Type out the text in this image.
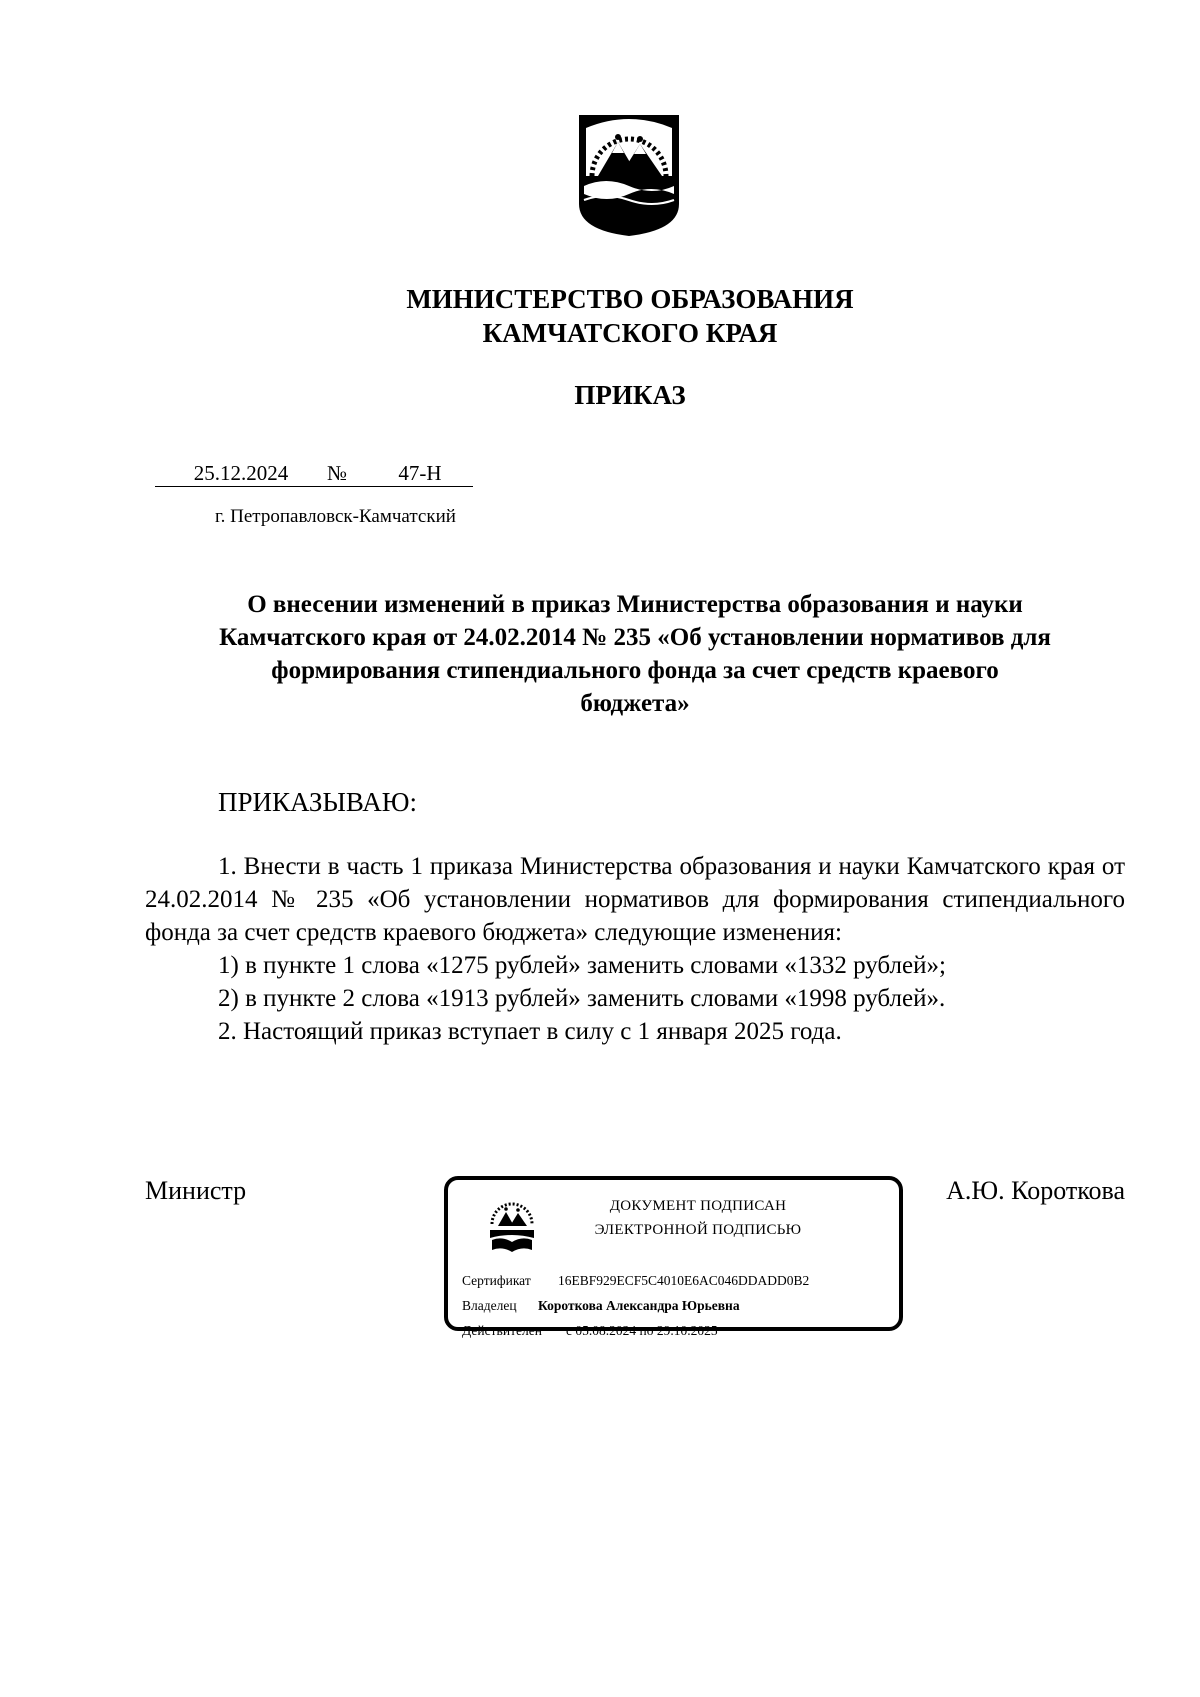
МИНИСТЕРСТВО ОБРАЗОВАНИЯ
КАМЧАТСКОГО КРАЯ
ПРИКАЗ
25.12.2024 № 47-Н
г. Петропавловск-Камчатский
О внесении изменений в приказ Министерства образования и науки
Камчатского края от 24.02.2014 № 235 «Об установлении нормативов для
формирования стипендиального фонда за счет средств краевого
бюджета»
ПРИКАЗЫВАЮ:

1. Внести в часть 1 приказа Министерства образования и науки Камчатского края от 24.02.2014 № 235 «Об установлении нормативов для формирования стипендиального фонда за счет средств краевого бюджета» следующие изменения:

1) в пункте 1 слова «1275 рублей» заменить словами «1332 рублей»;

2) в пункте 2 слова «1913 рублей» заменить словами «1998 рублей».

2. Настоящий приказ вступает в силу с 1 января 2025 года.

Министр	А.Ю. Короткова
ДОКУМЕНТ ПОДПИСАН
ЭЛЕКТРОННОЙ ПОДПИСЬЮ
Сертификат 16EBF929ECF5C4010E6AC046DDADD0B2
Владелец Короткова Александра Юрьевна
Действителен с 05.08.2024 по 29.10.2025
